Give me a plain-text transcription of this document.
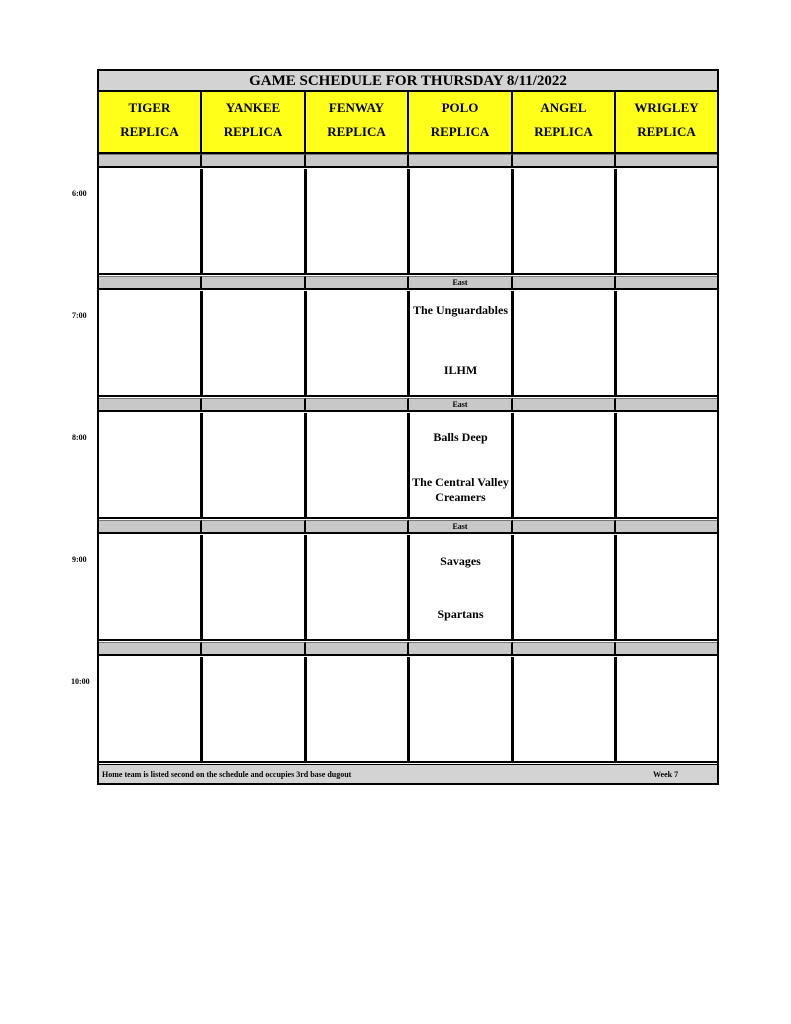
GAME SCHEDULE FOR THURSDAY 8/11/2022
TIGER
REPLICA
YANKEE
REPLICA
FENWAY
REPLICA
POLO
REPLICA
ANGEL
REPLICA
WRIGLEY
REPLICA
East
The Unguardables
ILHM
East
Balls Deep
The Central Valley Creamers
East
Savages
Spartans
Home team is listed second on the schedule and occupies 3rd base dugout	Week 7
6:00
7:00
8:00
9:00
10:00
